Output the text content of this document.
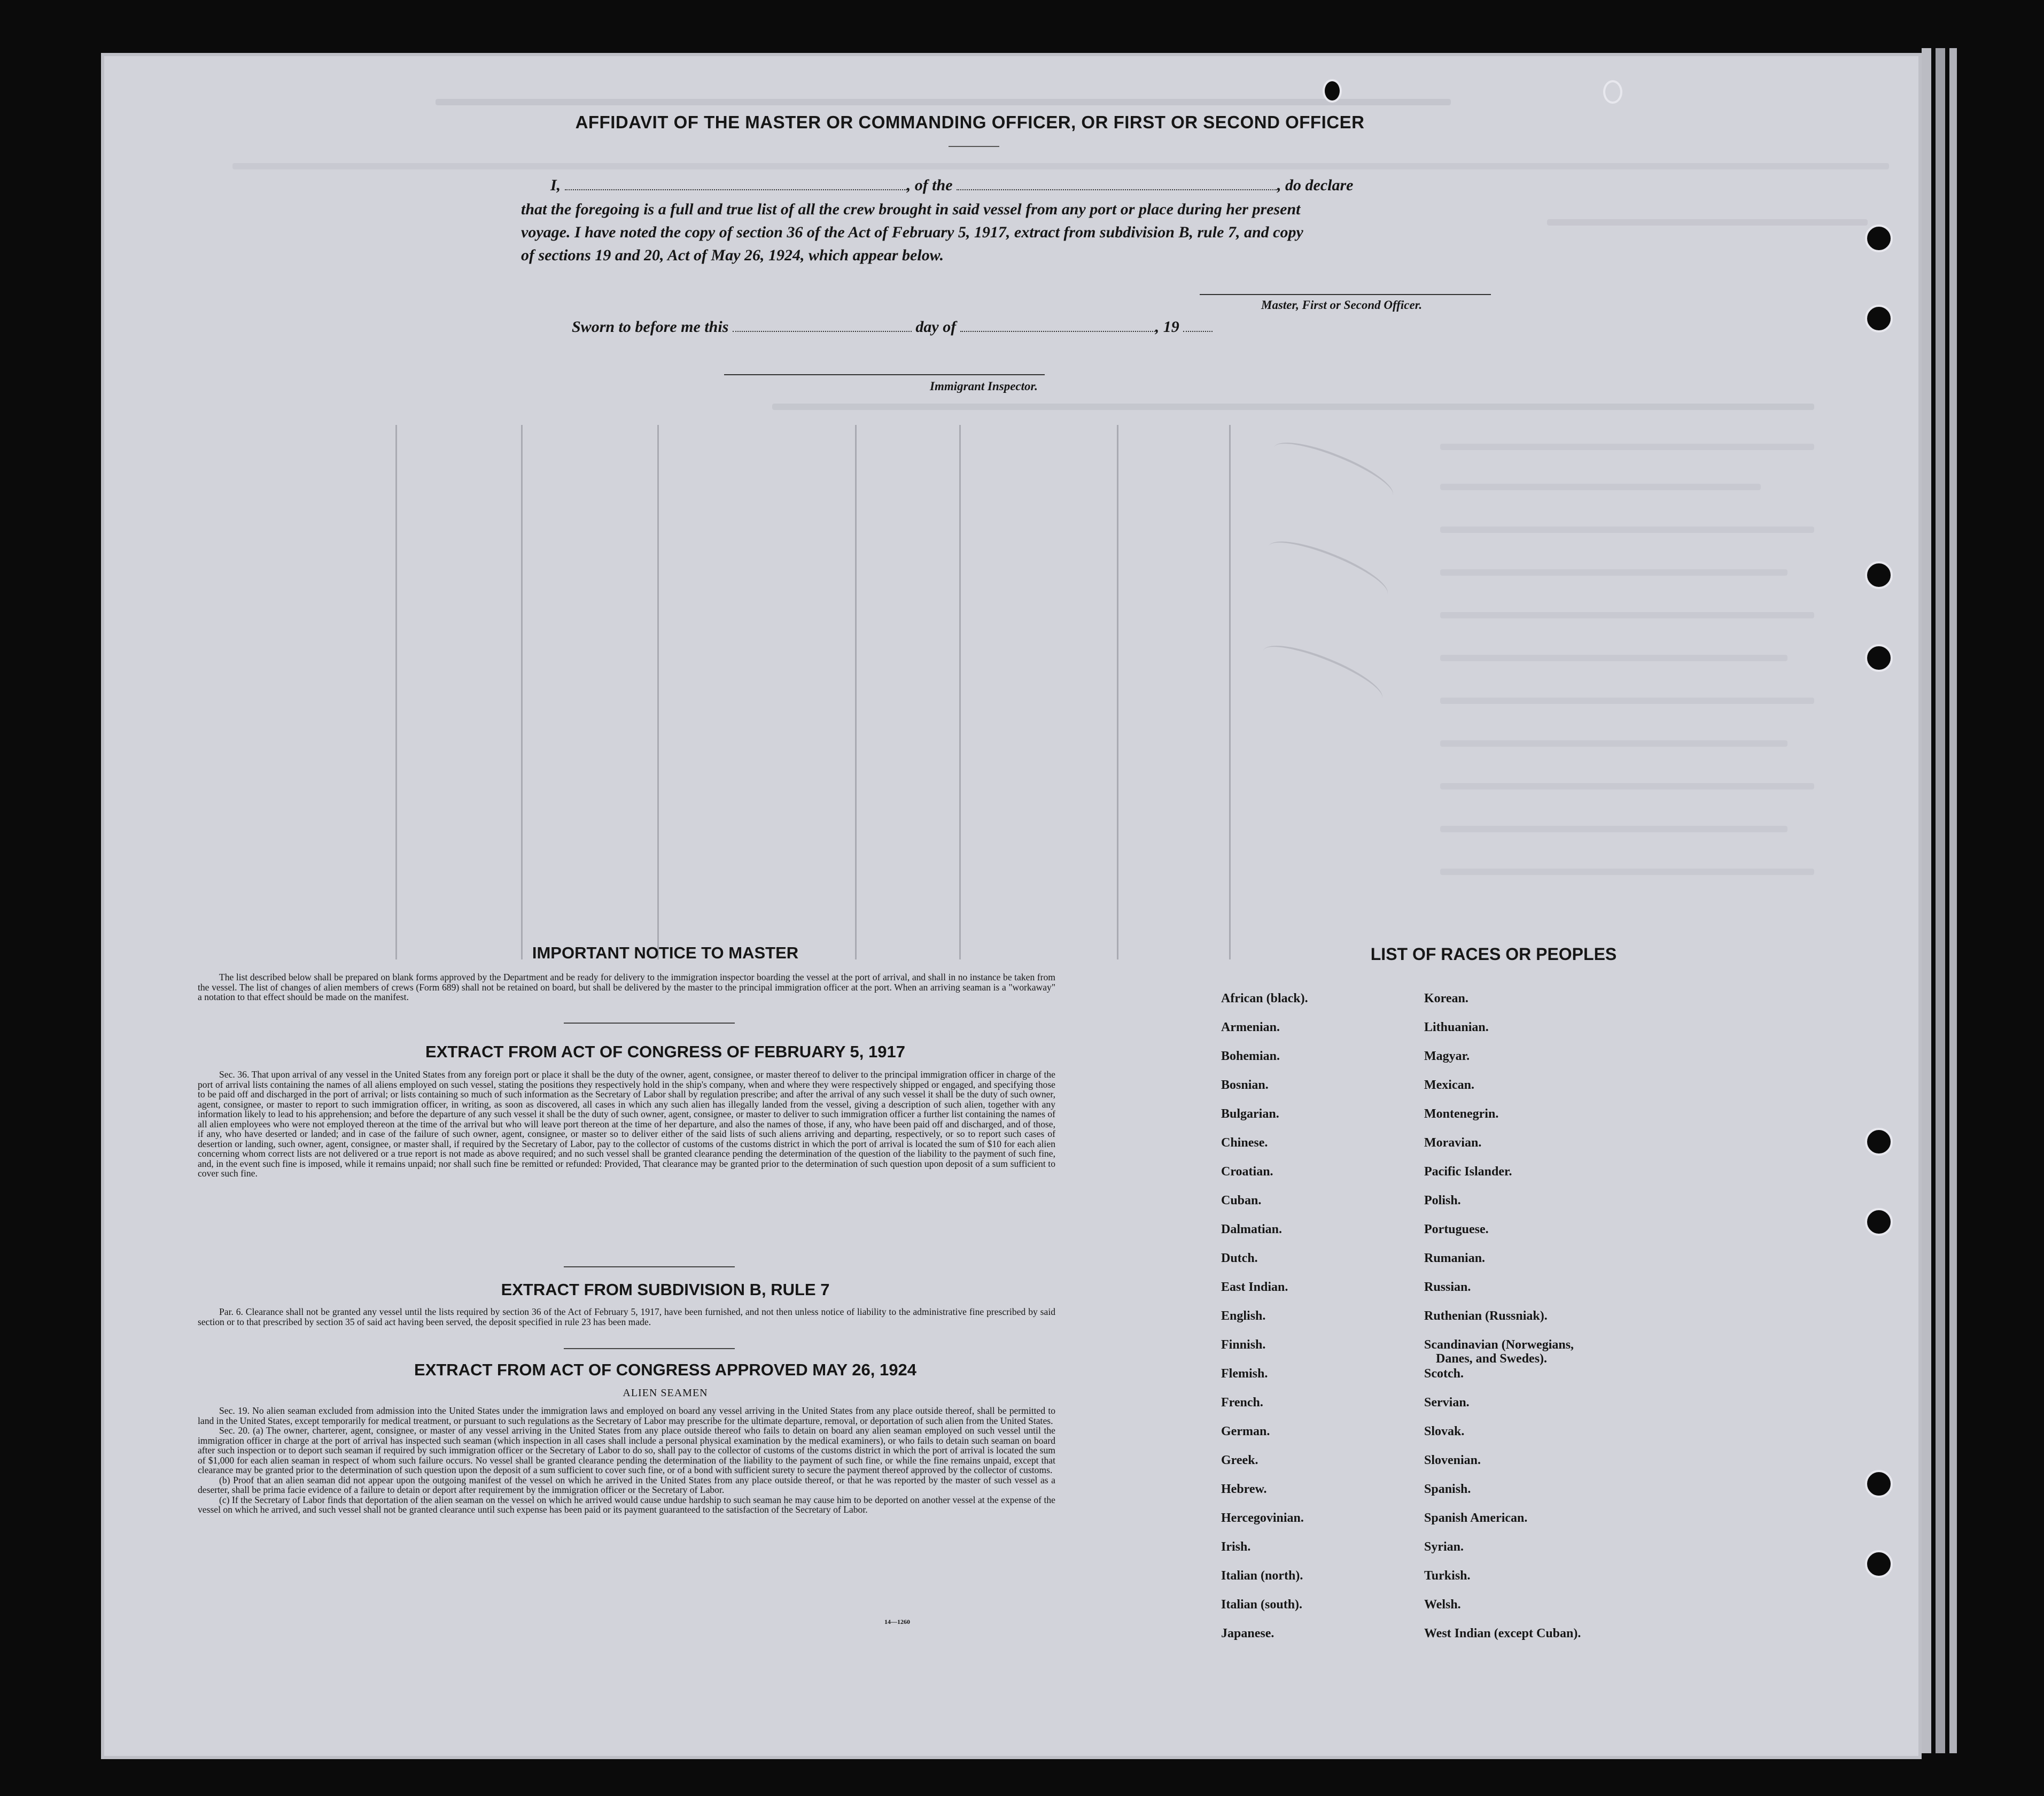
AFFIDAVIT OF THE MASTER OR COMMANDING OFFICER, OR FIRST OR SECOND OFFICER
I,	, of the	, do declare
that the foregoing is a full and true list of all the crew brought in said vessel from any port or place during her present
voyage. I have noted the copy of section 36 of the Act of February 5, 1917, extract from subdivision B, rule 7, and copy
of sections 19 and 20, Act of May 26, 1924, which appear below.
Master, First or Second Officer.
Sworn to before me this	day of	, 19
Immigrant Inspector.
IMPORTANT NOTICE TO MASTER

The list described below shall be prepared on blank forms approved by the Department and be ready for delivery to the immigration inspector boarding the vessel at the port of arrival, and shall in no instance be taken from the vessel. The list of changes of alien members of crews (Form 689) shall not be retained on board, but shall be delivered by the master to the principal immigration officer at the port. When an arriving seaman is a "workaway" a notation to that effect should be made on the manifest.

EXTRACT FROM ACT OF CONGRESS OF FEBRUARY 5, 1917

Sec. 36. That upon arrival of any vessel in the United States from any foreign port or place it shall be the duty of the owner, agent, consignee, or master thereof to deliver to the principal immigration officer in charge of the port of arrival lists containing the names of all aliens employed on such vessel, stating the positions they respectively hold in the ship's company, when and where they were respectively shipped or engaged, and specifying those to be paid off and discharged in the port of arrival; or lists containing so much of such information as the Secretary of Labor shall by regulation prescribe; and after the arrival of any such vessel it shall be the duty of such owner, agent, consignee, or master to report to such immigration officer, in writing, as soon as discovered, all cases in which any such alien has illegally landed from the vessel, giving a description of such alien, together with any information likely to lead to his apprehension; and before the departure of any such vessel it shall be the duty of such owner, agent, consignee, or master to deliver to such immigration officer a further list containing the names of all alien employees who were not employed thereon at the time of the arrival but who will leave port thereon at the time of her departure, and also the names of those, if any, who have been paid off and discharged, and of those, if any, who have deserted or landed; and in case of the failure of such owner, agent, consignee, or master so to deliver either of the said lists of such aliens arriving and departing, respectively, or so to report such cases of desertion or landing, such owner, agent, consignee, or master shall, if required by the Secretary of Labor, pay to the collector of customs of the customs district in which the port of arrival is located the sum of $10 for each alien concerning whom correct lists are not delivered or a true report is not made as above required; and no such vessel shall be granted clearance pending the determination of the question of the liability to the payment of such fine, and, in the event such fine is imposed, while it remains unpaid; nor shall such fine be remitted or refunded: Provided, That clearance may be granted prior to the determination of such question upon deposit of a sum sufficient to cover such fine.

EXTRACT FROM SUBDIVISION B, RULE 7

Par. 6. Clearance shall not be granted any vessel until the lists required by section 36 of the Act of February 5, 1917, have been furnished, and not then unless notice of liability to the administrative fine prescribed by said section or to that prescribed by section 35 of said act having been served, the deposit specified in rule 23 has been made.

EXTRACT FROM ACT OF CONGRESS APPROVED MAY 26, 1924
ALIEN SEAMEN

Sec. 19. No alien seaman excluded from admission into the United States under the immigration laws and employed on board any vessel arriving in the United States from any place outside thereof, shall be permitted to land in the United States, except temporarily for medical treatment, or pursuant to such regulations as the Secretary of Labor may prescribe for the ultimate departure, removal, or deportation of such alien from the United States.

Sec. 20. (a) The owner, charterer, agent, consignee, or master of any vessel arriving in the United States from any place outside thereof who fails to detain on board any alien seaman employed on such vessel until the immigration officer in charge at the port of arrival has inspected such seaman (which inspection in all cases shall include a personal physical examination by the medical examiners), or who fails to detain such seaman on board after such inspection or to deport such seaman if required by such immigration officer or the Secretary of Labor to do so, shall pay to the collector of customs of the customs district in which the port of arrival is located the sum of $1,000 for each alien seaman in respect of whom such failure occurs. No vessel shall be granted clearance pending the determination of the liability to the payment of such fine, or while the fine remains unpaid, except that clearance may be granted prior to the determination of such question upon the deposit of a sum sufficient to cover such fine, or of a bond with sufficient surety to secure the payment thereof approved by the collector of customs.

(b) Proof that an alien seaman did not appear upon the outgoing manifest of the vessel on which he arrived in the United States from any place outside thereof, or that he was reported by the master of such vessel as a deserter, shall be prima facie evidence of a failure to detain or deport after requirement by the immigration officer or the Secretary of Labor.

(c) If the Secretary of Labor finds that deportation of the alien seaman on the vessel on which he arrived would cause undue hardship to such seaman he may cause him to be deported on another vessel at the expense of the vessel on which he arrived, and such vessel shall not be granted clearance until such expense has been paid or its payment guaranteed to the satisfaction of the Secretary of Labor.

14—1260
LIST OF RACES OR PEOPLES
African (black).
Armenian.
Bohemian.
Bosnian.
Bulgarian.
Chinese.
Croatian.
Cuban.
Dalmatian.
Dutch.
East Indian.
English.
Finnish.
Flemish.
French.
German.
Greek.
Hebrew.
Hercegovinian.
Irish.
Italian (north).
Italian (south).
Japanese.
Korean.
Lithuanian.
Magyar.
Mexican.
Montenegrin.
Moravian.
Pacific Islander.
Polish.
Portuguese.
Rumanian.
Russian.
Ruthenian (Russniak).
Scandinavian (Norwegians,
Danes, and Swedes).
Scotch.
Servian.
Slovak.
Slovenian.
Spanish.
Spanish American.
Syrian.
Turkish.
Welsh.
West Indian (except Cuban).
